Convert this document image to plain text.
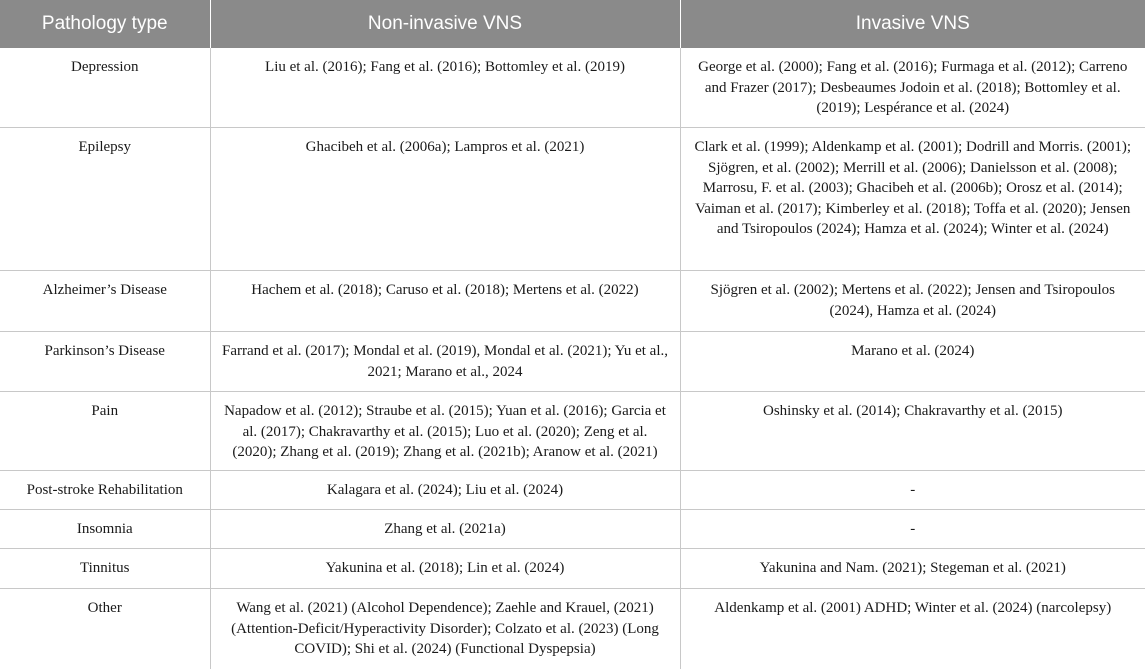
Pathology type	Non-invasive VNS	Invasive VNS
Depression	Liu et al. (2016); Fang et al. (2016); Bottomley et al. (2019)	George et al. (2000); Fang et al. (2016); Furmaga et al. (2012); Carreno and Frazer (2017); Desbeaumes Jodoin et al. (2018); Bottomley et al. (2019); Lespérance et al. (2024)
Epilepsy	Ghacibeh et al. (2006a); Lampros et al. (2021)	Clark et al. (1999); Aldenkamp et al. (2001); Dodrill and Morris. (2001); Sjögren, et al. (2002); Merrill et al. (2006); Danielsson et al. (2008); Marrosu, F. et al. (2003); Ghacibeh et al. (2006b); Orosz et al. (2014); Vaiman et al. (2017); Kimberley et al. (2018); Toffa et al. (2020); Jensen and Tsiropoulos (2024); Hamza et al. (2024); Winter et al. (2024)
Alzheimer’s Disease	Hachem et al. (2018); Caruso et al. (2018); Mertens et al. (2022)	Sjögren et al. (2002); Mertens et al. (2022); Jensen and Tsiropoulos (2024), Hamza et al. (2024)
Parkinson’s Disease	Farrand et al. (2017); Mondal et al. (2019), Mondal et al. (2021); Yu et al., 2021; Marano et al., 2024	Marano et al. (2024)
Pain	Napadow et al. (2012); Straube et al. (2015); Yuan et al. (2016); Garcia et al. (2017); Chakravarthy et al. (2015); Luo et al. (2020); Zeng et al. (2020); Zhang et al. (2019); Zhang et al. (2021b); Aranow et al. (2021)	Oshinsky et al. (2014); Chakravarthy et al. (2015)
Post-stroke Rehabilitation	Kalagara et al. (2024); Liu et al. (2024)	-
Insomnia	Zhang et al. (2021a)	-
Tinnitus	Yakunina et al. (2018); Lin et al. (2024)	Yakunina and Nam. (2021); Stegeman et al. (2021)
Other	Wang et al. (2021) (Alcohol Dependence); Zaehle and Krauel, (2021) (Attention-Deficit/Hyperactivity Disorder); Colzato et al. (2023) (Long COVID); Shi et al. (2024) (Functional Dyspepsia)	Aldenkamp et al. (2001) ADHD; Winter et al. (2024) (narcolepsy)
